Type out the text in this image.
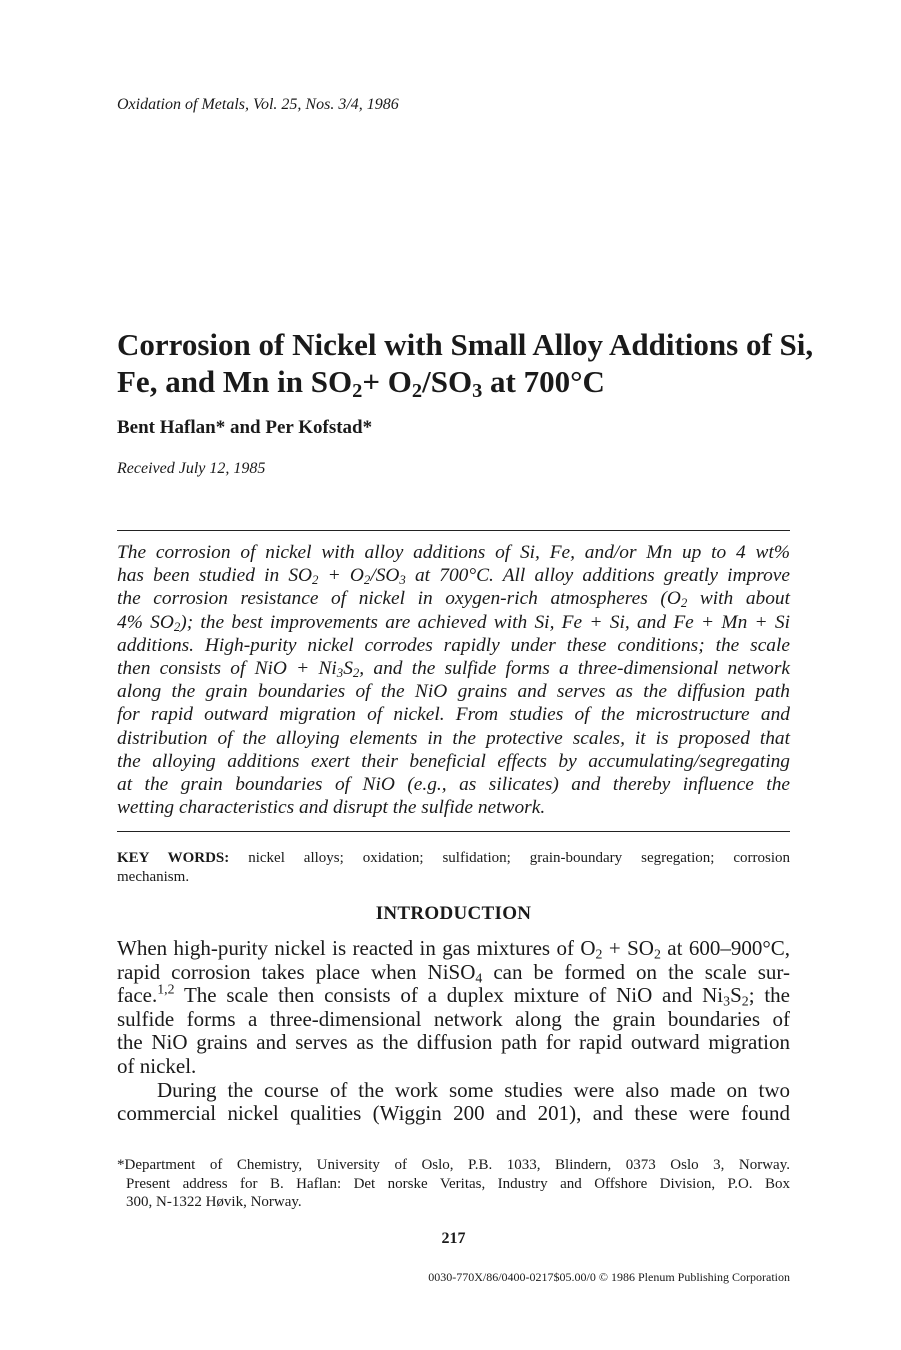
Oxidation of Metals, Vol. 25, Nos. 3/4, 1986
Corrosion of Nickel with Small Alloy Additions of Si,
Fe, and Mn in $SO_2+ O_2/SO_3$ at 700°C
Bent Haflan* and Per Kofstad*
Received July 12, 1985
The corrosion of nickel with alloy additions of Si, Fe, and/or Mn up to 4 wt%
has been studied in $SO_2 + O_2/SO_3$ at 700°C. All alloy additions greatly improve
the corrosion resistance of nickel in oxygen-rich atmospheres ($O_2$ with about
4% $SO_2$); the best improvements are achieved with Si, Fe + Si, and Fe + Mn + Si
additions. High-purity nickel corrodes rapidly under these conditions; the scale
then consists of NiO + $Ni_3S_2$, and the sulfide forms a three-dimensional network
along the grain boundaries of the NiO grains and serves as the diffusion path
for rapid outward migration of nickel. From studies of the microstructure and
distribution of the alloying elements in the protective scales, it is proposed that
the alloying additions exert their beneficial effects by accumulating/segregating
at the grain boundaries of NiO (e.g., as silicates) and thereby influence the
wetting characteristics and disrupt the sulfide network.
KEY WORDS: nickel alloys; oxidation; sulfidation; grain-boundary segregation; corrosion
mechanism.
INTRODUCTION
When high-purity nickel is reacted in gas mixtures of $O_2 + SO_2$ at 600–900°C,
rapid corrosion takes place when NiSO$_4$ can be formed on the scale sur-
face.$^{1,2}$ The scale then consists of a duplex mixture of NiO and $Ni_3S_2$; the
sulfide forms a three-dimensional network along the grain boundaries of
the NiO grains and serves as the diffusion path for rapid outward migration
of nickel.
During the course of the work some studies were also made on two
commercial nickel qualities (Wiggin 200 and 201), and these were found
*Department of Chemistry, University of Oslo, P.B. 1033, Blindern, 0373 Oslo 3, Norway.
Present address for B. Haflan: Det norske Veritas, Industry and Offshore Division, P.O. Box
300, N-1322 Høvik, Norway.
217
0030-770X/86/0400-0217$05.00/0 © 1986 Plenum Publishing Corporation
